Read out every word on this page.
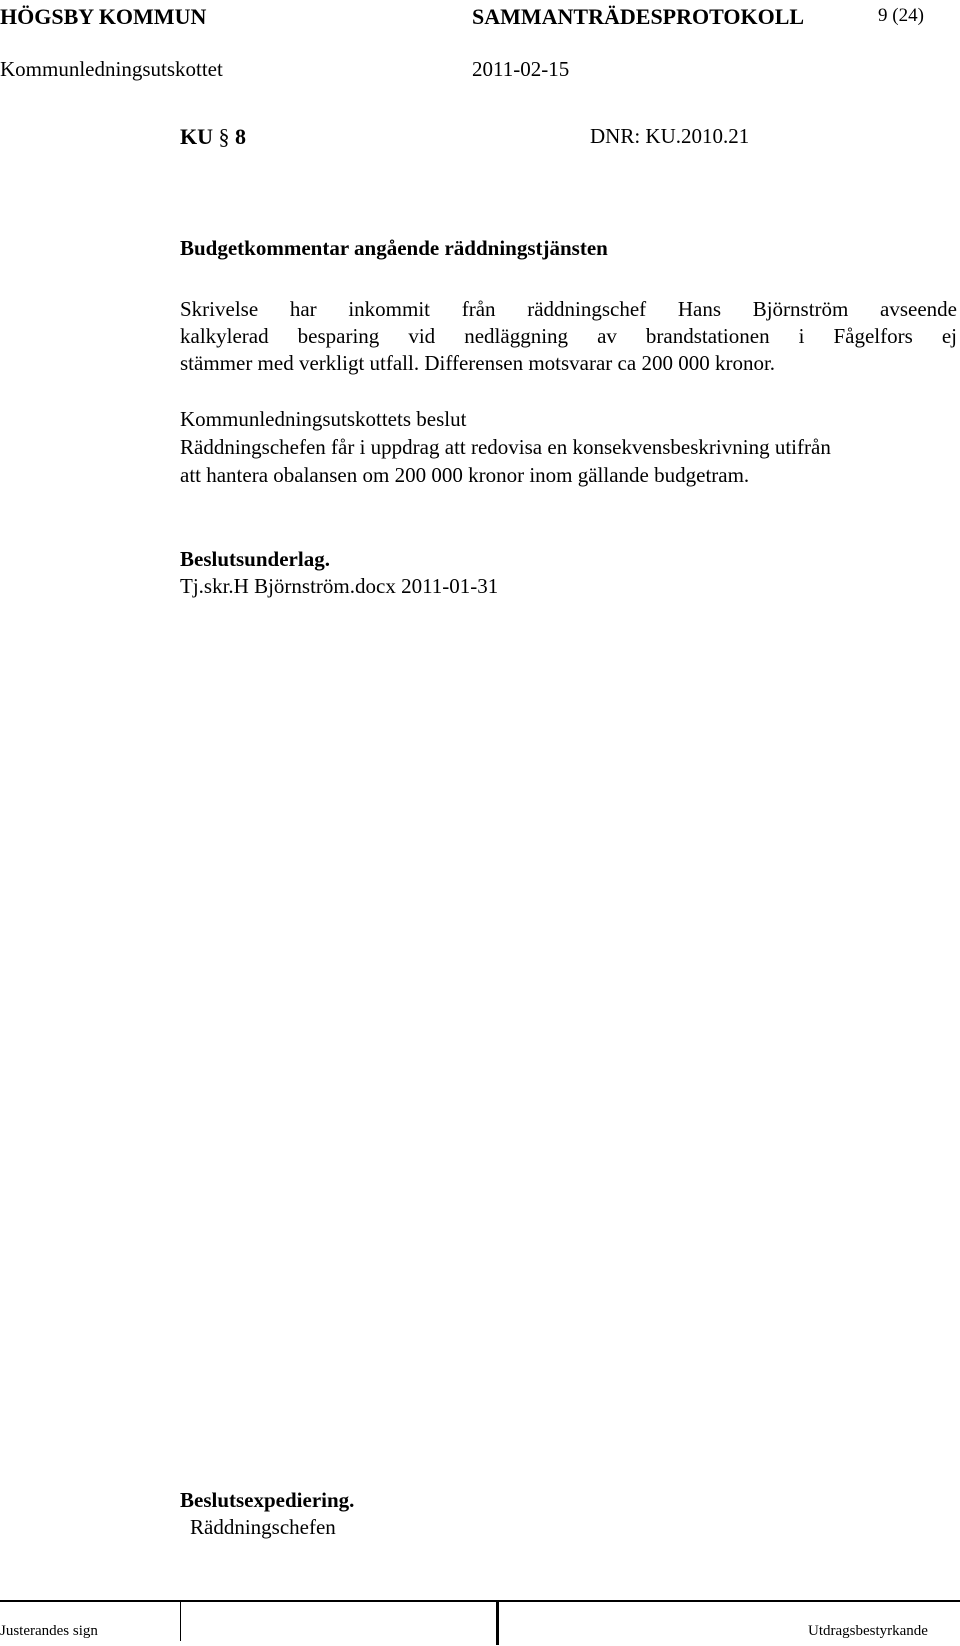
HÖGSBY KOMMUN	SAMMANTRÄDESPROTOKOLL	9 (24)
Kommunledningsutskottet	2011-02-15
KU § 8	DNR: KU.2010.21
Budgetkommentar angående räddningstjänsten
Skrivelse har inkommit från räddningschef Hans Björnström avseende
kalkylerad besparing vid nedläggning av brandstationen i Fågelfors ej
stämmer med verkligt utfall. Differensen motsvarar ca 200 000 kronor.
Kommunledningsutskottets beslut
Räddningschefen får i uppdrag att redovisa en konsekvensbeskrivning utifrån
att hantera obalansen om 200 000 kronor inom gällande budgetram.
Beslutsunderlag.
Tj.skr.H Björnström.docx 2011-01-31
Beslutsexpediering.
Räddningschefen
Justerandes sign	Utdragsbestyrkande
